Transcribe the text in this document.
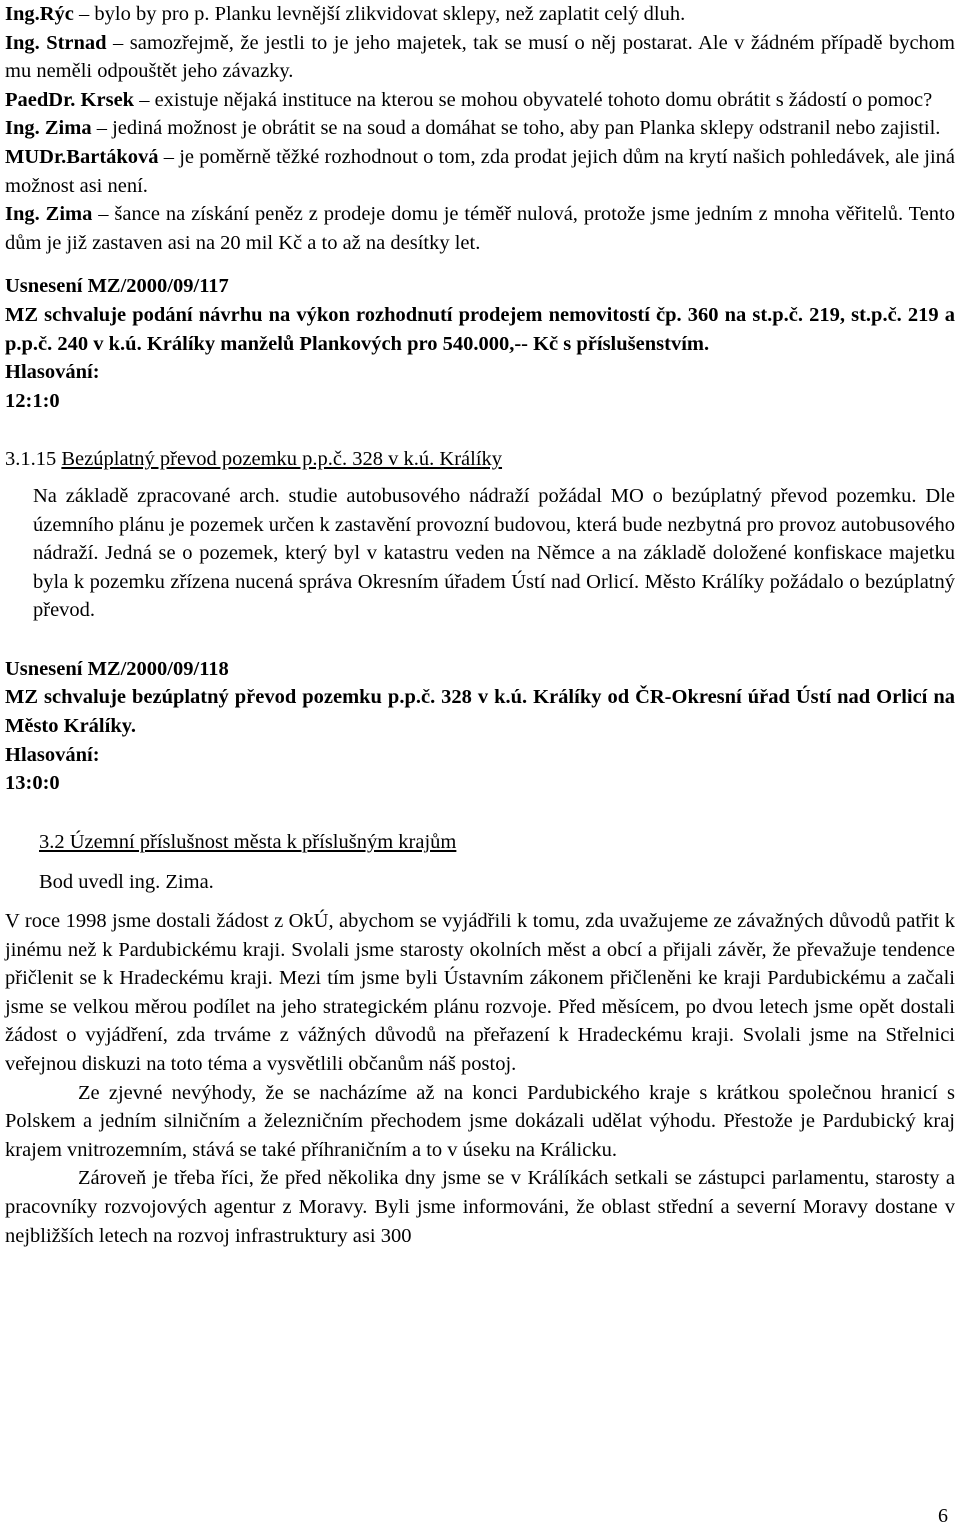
Ing.Rýc – bylo by pro p. Planku levnější zlikvidovat sklepy, než zaplatit celý dluh.

Ing. Strnad – samozřejmě, že jestli to je jeho majetek, tak se musí o něj postarat. Ale v žádném případě bychom mu neměli odpouštět jeho závazky.

PaedDr. Krsek – existuje nějaká instituce na kterou se mohou obyvatelé tohoto domu obrátit s žádostí o pomoc?

Ing. Zima – jediná možnost je obrátit se na soud a domáhat se toho, aby pan Planka sklepy odstranil nebo zajistil.

MUDr.Bartáková – je poměrně těžké rozhodnout o tom, zda prodat jejich dům na krytí našich pohledávek, ale jiná možnost asi není.

Ing. Zima – šance na získání peněz z prodeje domu je téměř nulová, protože jsme jedním z mnoha věřitelů. Tento dům je již zastaven asi na 20 mil Kč a to až na desítky let.

Usnesení MZ/2000/09/117

MZ schvaluje podání návrhu na výkon rozhodnutí prodejem nemovitostí čp. 360 na st.p.č. 219, st.p.č. 219 a p.p.č. 240 v k.ú. Králíky manželů Plankových pro 540.000,-- Kč s příslušenstvím.

Hlasování:

12:1:0

3.1.15 Bezúplatný převod pozemku p.p.č. 328 v k.ú. Králíky

Na základě zpracované arch. studie autobusového nádraží požádal MO o bezúplatný převod pozemku. Dle územního plánu je pozemek určen k zastavění provozní budovou, která bude nezbytná pro provoz autobusového nádraží. Jedná se o pozemek, který byl v katastru veden na Němce a na základě doložené konfiskace majetku byla k pozemku zřízena nucená správa Okresním úřadem Ústí nad Orlicí. Město Králíky požádalo o bezúplatný převod.

Usnesení MZ/2000/09/118

MZ schvaluje bezúplatný převod pozemku p.p.č. 328 v k.ú. Králíky od ČR-Okresní úřad Ústí nad Orlicí na Město Králíky.

Hlasování:

13:0:0

3.2 Územní příslušnost města k příslušným krajům

Bod uvedl ing. Zima.

V roce 1998 jsme dostali žádost z OkÚ, abychom se vyjádřili k tomu, zda uvažujeme ze závažných důvodů patřit k jinému než k Pardubickému kraji. Svolali jsme starosty okolních měst a obcí a přijali závěr, že převažuje tendence přičlenit se k Hradeckému kraji. Mezi tím jsme byli Ústavním zákonem přičleněni ke kraji Pardubickému a začali jsme se velkou měrou podílet na jeho strategickém plánu rozvoje. Před měsícem, po dvou letech jsme opět dostali žádost o vyjádření, zda trváme z vážných důvodů na přeřazení k Hradeckému kraji. Svolali jsme na Střelnici veřejnou diskuzi na toto téma a vysvětlili občanům náš postoj.

Ze zjevné nevýhody, že se nacházíme až na konci Pardubického kraje s krátkou společnou hranicí s Polskem a jedním silničním a železničním přechodem jsme dokázali udělat výhodu. Přestože je Pardubický kraj krajem vnitrozemním, stává se také příhraničním a to v úseku na Králicku.

Zároveň je třeba říci, že před několika dny jsme se v Králíkách setkali se zástupci parlamentu, starosty a pracovníky rozvojových agentur z Moravy. Byli jsme informováni, že oblast střední a severní Moravy dostane v nejbližších letech na rozvoj infrastruktury asi 300

6
